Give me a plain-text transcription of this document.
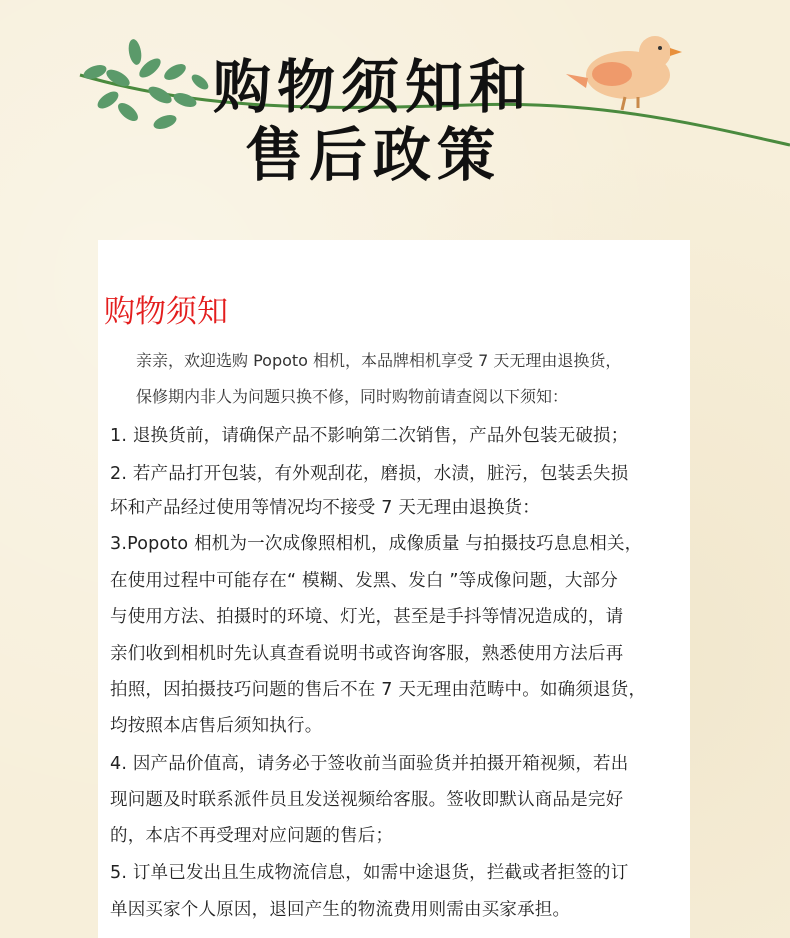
购物须知和
售后政策
购物须知
亲亲，欢迎选购 Popoto 相机，本品牌相机享受 7 天无理由退换货，
保修期内非人为问题只换不修，同时购物前请查阅以下须知：
1. 退换货前，请确保产品不影响第二次销售，产品外包装无破损；
2. 若产品打开包装，有外观刮花，磨损，水渍，脏污，包装丢失损
坏和产品经过使用等情况均不接受 7 天无理由退换货：
3.Popoto 相机为一次成像照相机，成像质量 与拍摄技巧息息相关，
在使用过程中可能存在“ 模糊、发黑、发白 ”等成像问题，大部分
与使用方法、拍摄时的环境、灯光，甚至是手抖等情况造成的，请
亲们收到相机时先认真查看说明书或咨询客服，熟悉使用方法后再
拍照，因拍摄技巧问题的售后不在 7 天无理由范畴中。如确须退货，
均按照本店售后须知执行。
4. 因产品价值高，请务必于签收前当面验货并拍摄开箱视频，若出
现问题及时联系派件员且发送视频给客服。签收即默认商品是完好
的，本店不再受理对应问题的售后；
5. 订单已发出且生成物流信息，如需中途退货，拦截或者拒签的订
单因买家个人原因，退回产生的物流费用则需由买家承担。
